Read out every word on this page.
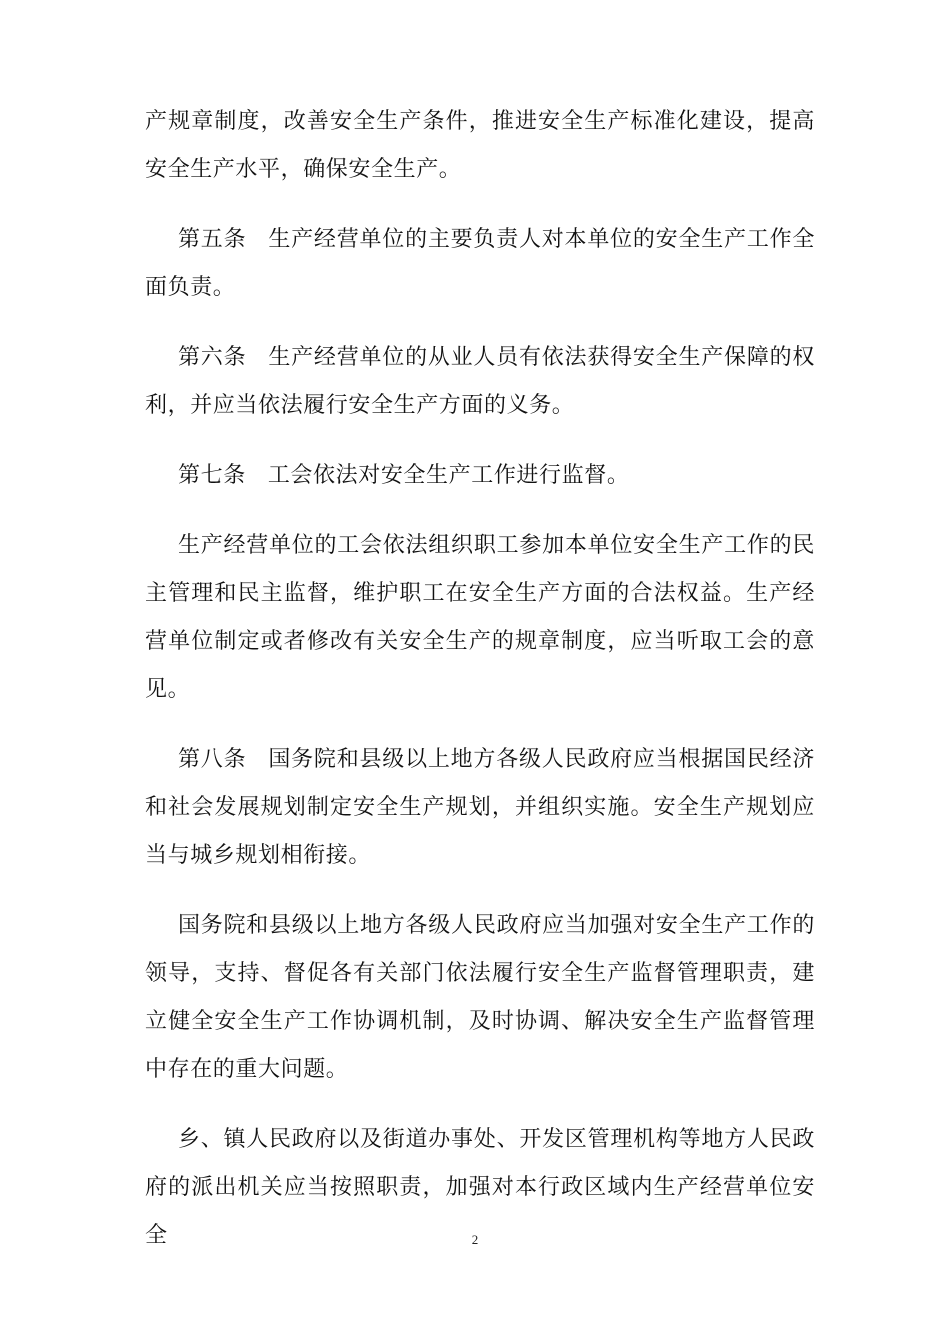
产规章制度，改善安全生产条件，推进安全生产标准化建设，提高安全生产水平，确保安全生产。

第五条 生产经营单位的主要负责人对本单位的安全生产工作全面负责。

第六条 生产经营单位的从业人员有依法获得安全生产保障的权利，并应当依法履行安全生产方面的义务。

第七条 工会依法对安全生产工作进行监督。

生产经营单位的工会依法组织职工参加本单位安全生产工作的民主管理和民主监督，维护职工在安全生产方面的合法权益。生产经营单位制定或者修改有关安全生产的规章制度，应当听取工会的意见。

第八条 国务院和县级以上地方各级人民政府应当根据国民经济和社会发展规划制定安全生产规划，并组织实施。安全生产规划应当与城乡规划相衔接。

国务院和县级以上地方各级人民政府应当加强对安全生产工作的领导，支持、督促各有关部门依法履行安全生产监督管理职责，建立健全安全生产工作协调机制，及时协调、解决安全生产监督管理中存在的重大问题。

乡、镇人民政府以及街道办事处、开发区管理机构等地方人民政府的派出机关应当按照职责，加强对本行政区域内生产经营单位安全	2
